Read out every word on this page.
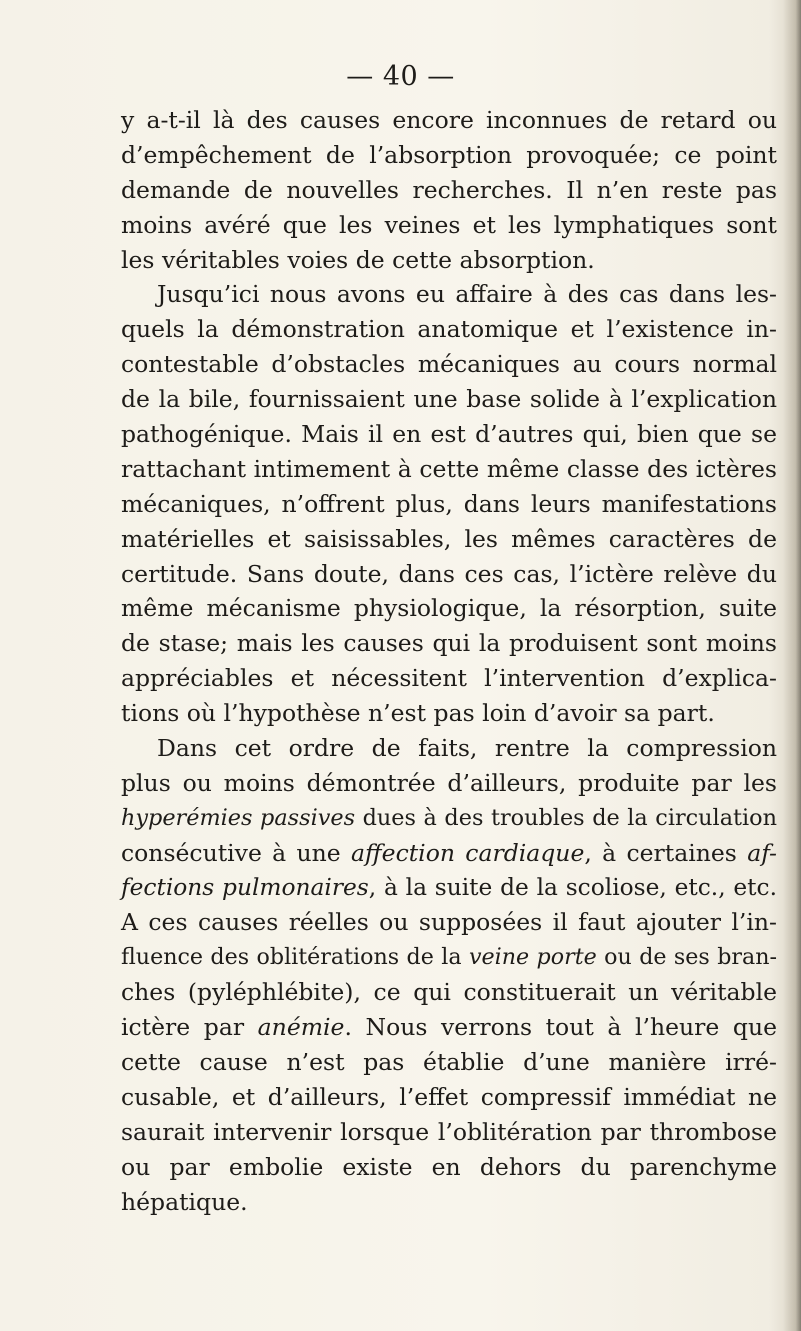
— 40 —
y a-t-il là des causes encore inconnues de retard ou
d’empêchement de l’absorption provoquée; ce point
demande de nouvelles recherches. Il n’en reste pas
moins avéré que les veines et les lymphatiques sont
les véritables voies de cette absorption.
Jusqu’ici nous avons eu affaire à des cas dans les-
quels la démonstration anatomique et l’existence in-
contestable d’obstacles mécaniques au cours normal
de la bile, fournissaient une base solide à l’explication
pathogénique. Mais il en est d’autres qui, bien que se
rattachant intimement à cette même classe des ictères
mécaniques, n’offrent plus, dans leurs manifestations
matérielles et saisissables, les mêmes caractères de
certitude. Sans doute, dans ces cas, l’ictère relève du
même mécanisme physiologique, la résorption, suite
de stase; mais les causes qui la produisent sont moins
appréciables et nécessitent l’intervention d’explica-
tions où l’hypothèse n’est pas loin d’avoir sa part.
Dans cet ordre de faits, rentre la compression
plus ou moins démontrée d’ailleurs, produite par les
hyperémies passives dues à des troubles de la circulation
consécutive à une affection cardiaque, à certaines af-
fections pulmonaires, à la suite de la scoliose, etc., etc.
A ces causes réelles ou supposées il faut ajouter l’in-
fluence des oblitérations de la veine porte ou de ses bran-
ches (pyléphlébite), ce qui constituerait un véritable
ictère par anémie. Nous verrons tout à l’heure que
cette cause n’est pas établie d’une manière irré-
cusable, et d’ailleurs, l’effet compressif immédiat ne
saurait intervenir lorsque l’oblitération par thrombose
ou par embolie existe en dehors du parenchyme
hépatique.
